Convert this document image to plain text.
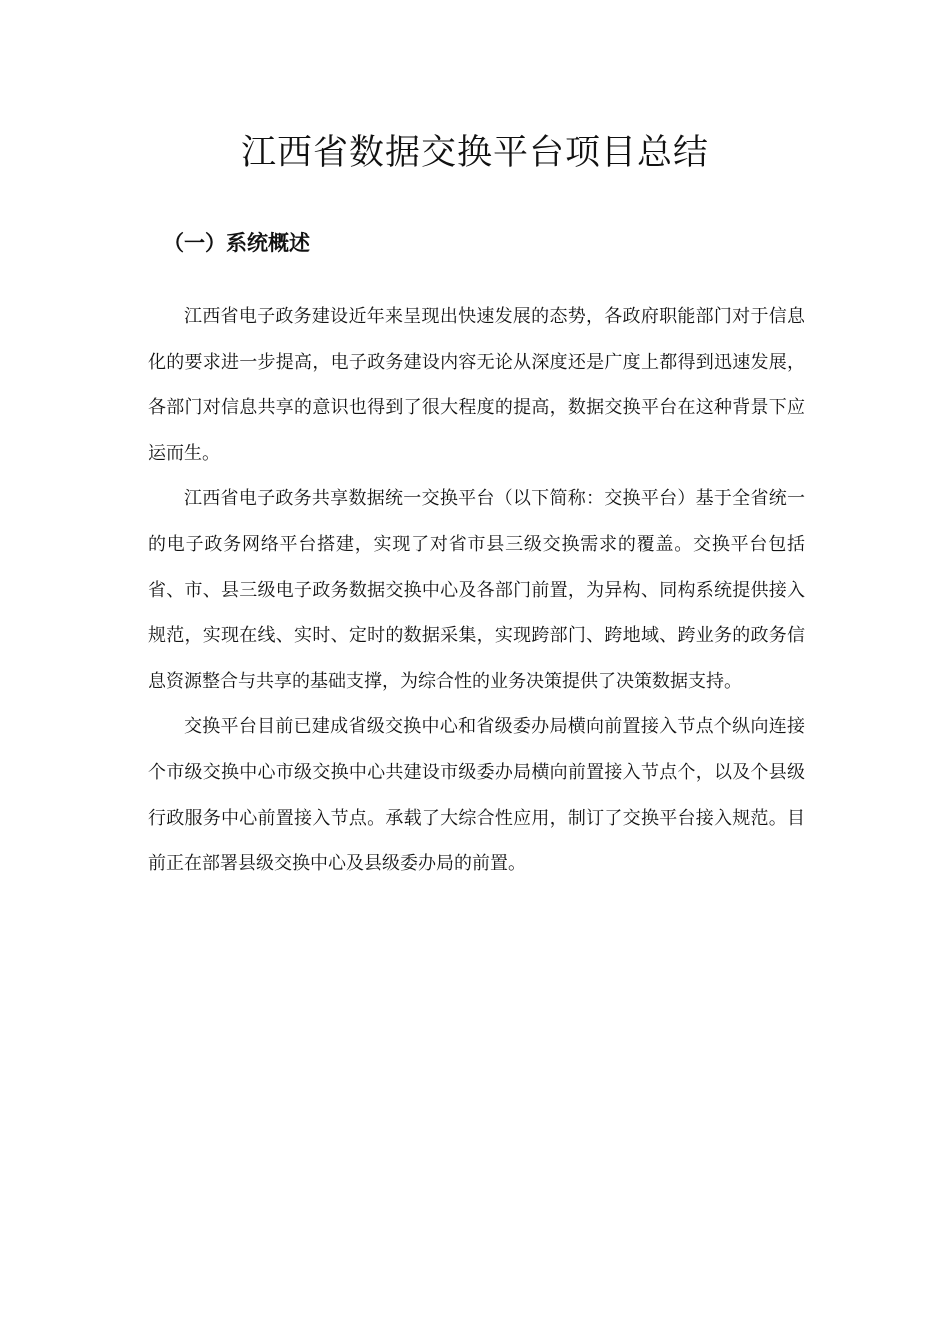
江西省数据交换平台项目总结
（一）系统概述

江西省电子政务建设近年来呈现出快速发展的态势，各政府职能部门对于信息化的要求进一步提高，电子政务建设内容无论从深度还是广度上都得到迅速发展，各部门对信息共享的意识也得到了很大程度的提高，数据交换平台在这种背景下应运而生。

江西省电子政务共享数据统一交换平台（以下简称：交换平台）基于全省统一的电子政务网络平台搭建，实现了对省市县三级交换需求的覆盖。交换平台包括省、市、县三级电子政务数据交换中心及各部门前置，为异构、同构系统提供接入规范，实现在线、实时、定时的数据采集，实现跨部门、跨地域、跨业务的政务信息资源整合与共享的基础支撑，为综合性的业务决策提供了决策数据支持。

交换平台目前已建成省级交换中心和省级委办局横向前置接入节点个纵向连接个市级交换中心市级交换中心共建设市级委办局横向前置接入节点个，以及个县级行政服务中心前置接入节点。承载了大综合性应用，制订了交换平台接入规范。目前正在部署县级交换中心及县级委办局的前置。
